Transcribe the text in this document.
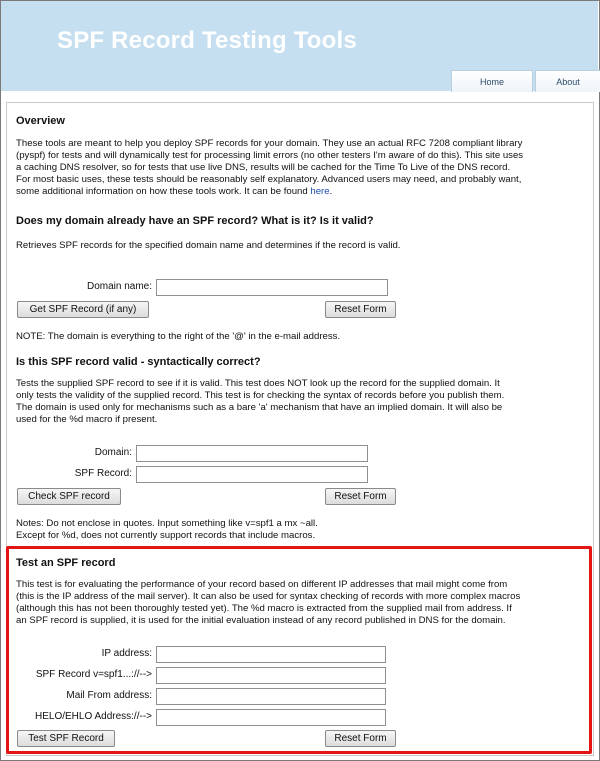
SPF Record Testing Tools
Home	About
Overview

These tools are meant to help you deploy SPF records for your domain. They use an actual RFC 7208 compliant library

(pyspf) for tests and will dynamically test for processing limit errors (no other testers I'm aware of do this). This site uses

a caching DNS resolver, so for tests that use live DNS, results will be cached for the Time To Live of the DNS record.

For most basic uses, these tests should be reasonably self explanatory. Advanced users may need, and probably want,

some additional information on how these tools work. It can be found here.

Does my domain already have an SPF record? What is it? Is it valid?

Retrieves SPF records for the specified domain name and determines if the record is valid.

Domain name:
Get SPF Record (if any)	Reset Form

NOTE: The domain is everything to the right of the '@' in the e-mail address.

Is this SPF record valid - syntactically correct?

Tests the supplied SPF record to see if it is valid. This test does NOT look up the record for the supplied domain. It

only tests the validity of the supplied record. This test is for checking the syntax of records before you publish them.

The domain is used only for mechanisms such as a bare 'a' mechanism that have an implied domain. It will also be

used for the %d macro if present.

Domain:
SPF Record:
Check SPF record	Reset Form

Notes: Do not enclose in quotes. Input something like v=spf1 a mx ~all.

Except for %d, does not currently support records that include macros.

Test an SPF record

This test is for evaluating the performance of your record based on different IP addresses that mail might come from

(this is the IP address of the mail server). It can also be used for syntax checking of records with more complex macros

(although this has not been thoroughly tested yet). The %d macro is extracted from the supplied mail from address. If

an SPF record is supplied, it is used for the initial evaluation instead of any record published in DNS for the domain.

IP address:
SPF Record v=spf1...://-->
Mail From address:
HELO/EHLO Address://-->
Test SPF Record	Reset Form
